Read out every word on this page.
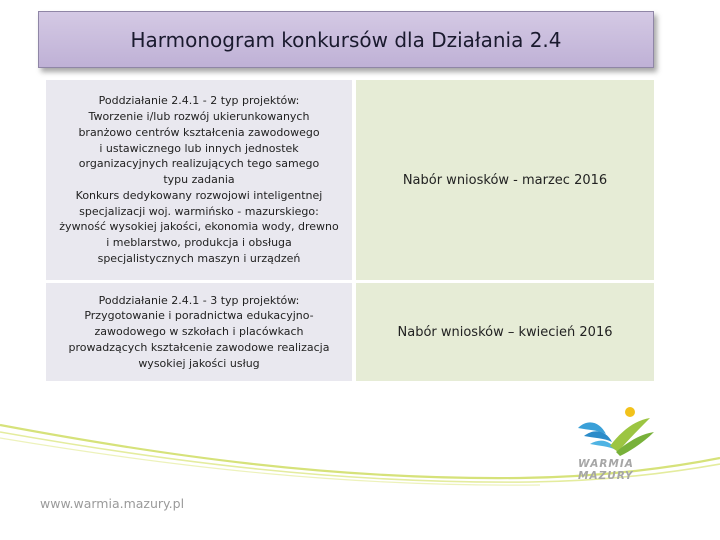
Harmonogram konkursów dla Działania 2.4
Poddziałanie 2.4.1 - 2 typ projektów:
Tworzenie i/lub rozwój ukierunkowanych
branżowo centrów kształcenia zawodowego
i ustawicznego lub innych jednostek
organizacyjnych realizujących tego samego
typu zadania
Konkurs dedykowany rozwojowi inteligentnej
specjalizacji woj. warmińsko - mazurskiego:
żywność wysokiej jakości, ekonomia wody, drewno
i meblarstwo, produkcja i obsługa
specjalistycznych maszyn i urządzeń
Nabór wniosków - marzec 2016
Poddziałanie 2.4.1 - 3 typ projektów:
Przygotowanie i poradnictwa edukacyjno-
zawodowego w szkołach i placówkach
prowadzących kształcenie zawodowe realizacja
wysokiej jakości usług
Nabór wniosków – kwiecień 2016
WARMIA
MAZURY
www.warmia.mazury.pl
